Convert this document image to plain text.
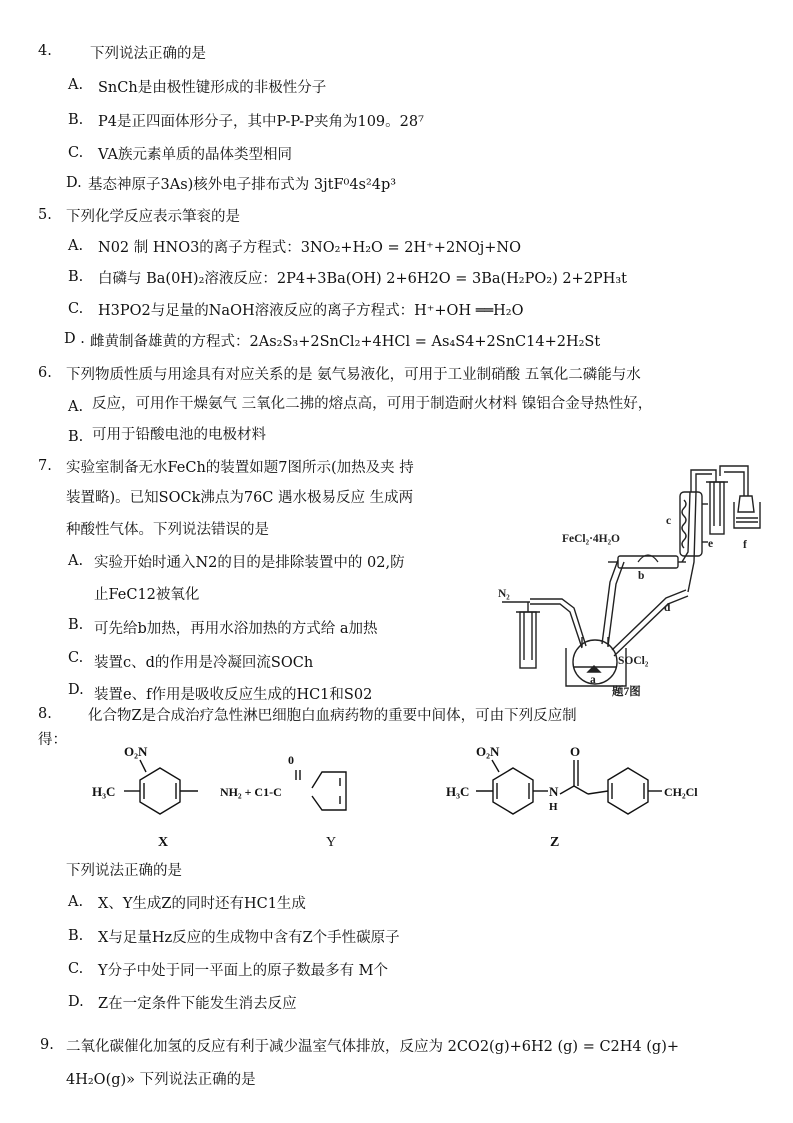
4.	下列说法正确的是
A. SnCh是由极性键形成的非极性分子
B. P4是正四面体形分子，其中P-P-P夹角为109。28⁷
C. VA族元素单质的晶体类型相同
D. 基态神原子3As)核外电子排布式为 3jtF⁰4s²4p³
5. 下列化学反应表示筆衮的是
A. N02 制 HNO3的离子方程式：3NO₂+H₂O = 2H⁺+2NOj+NO
B. 白磷与 Ba(0H)₂溶液反应：2P4+3Ba(OH) 2+6H2O = 3Ba(H₂PO₂) 2+2PH₃t
C. H3PO2与足量的NaOH溶液反应的离子方程式：H⁺+OH ══H₂O
D . 雌黄制备雄黄的方程式：2As₂S₃+2SnCl₂+4HCl = As₄S4+2SnC14+2H₂St
6. 下列物质性质与用途具有对应关系的是 氨气易液化，可用于工业制硝酸 五氧化二磷能与水
A. 反应，可用作干燥氨气 三氧化二拂的熔点高，可用于制造耐火材料 镍铝合金导热性好，
B. 可用于铅酸电池的电极材料
7. 实验室制备无水FeCh的装置如题7图所示(加热及夹 持
装置略)。已知SOCk沸点为76C 遇水极易反应 生成两
种酸性气体。下列说法错误的是
A. 实验开始时通入N2的目的是排除装置中的 02,防
止FeC12被氧化
B. 可先给b加热，再用水浴加热的方式给 a加热
C. 装置c、d的作用是冷凝回流SOCh
D. 装置e、f作用是吸收反应生成的HC1和S02
FeCl₂·4H₂O
N₂
SOCl₂
题7图
a
b
c
d
e	f
8. 化合物Z是合成治疗急性淋巴细胞白血病药物的重要中间体，可由下列反应制
得：
O₂N
H₃C
0
NH₂ + C1-C
O₂N
H₃C	N
H
O
CH₂Cl
X	Y	Z
下列说法正确的是
A. X、Y生成Z的同时还有HC1生成
B. X与足量Hz反应的生成物中含有Z个手性碳原子
C. Y分子中处于同一平面上的原子数最多有 M个
D. Z在一定条件下能发生消去反应
9. 二氧化碳催化加氢的反应有利于减少温室气体排放，反应为 2CO2(g)+6H2 (g) = C2H4 (g)+
4H₂O(g)» 下列说法正确的是
